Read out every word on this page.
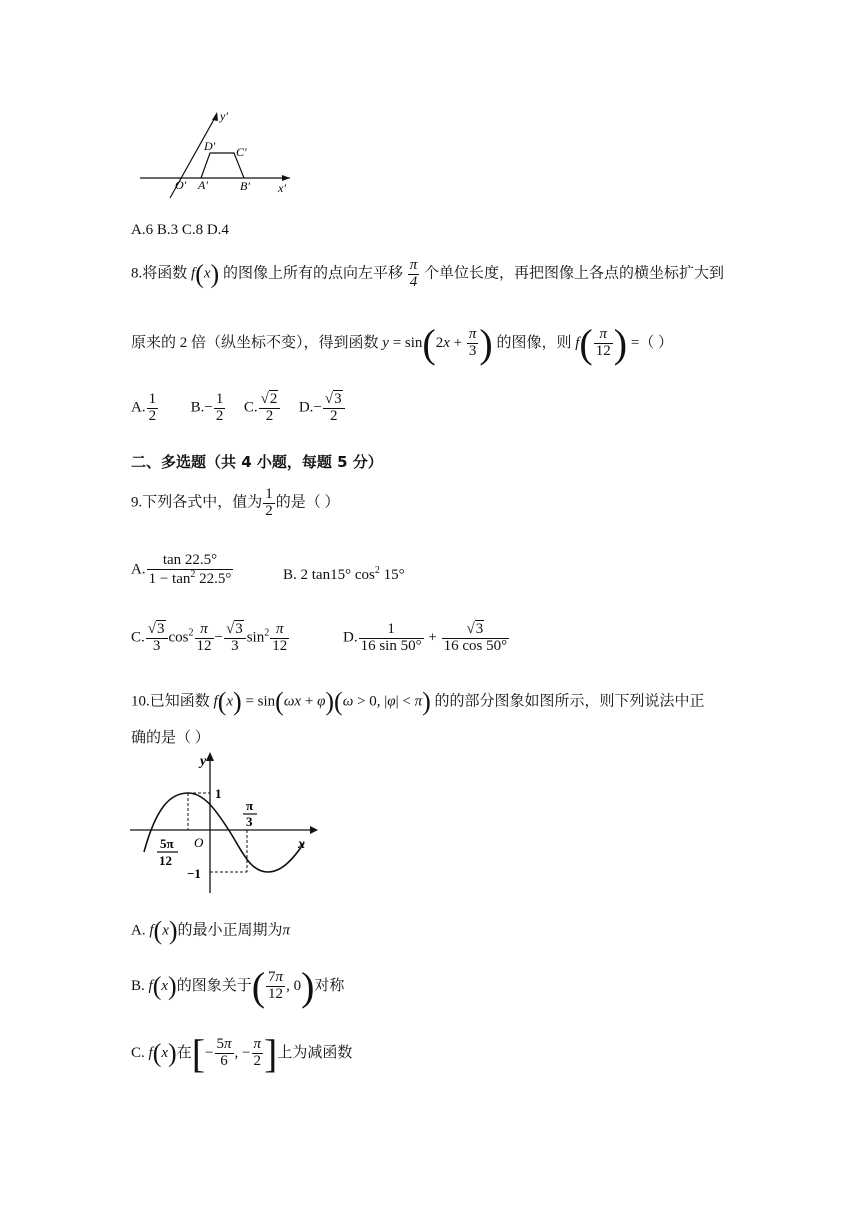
y′
x′
D′ C′
O′ A′	B′
A.6 B.3 C.8 D.4
8.将函数 f(x) 的图像上所有的点向左平移 $\frac{\pi}{4}$ 个单位长度，再把图像上各点的横坐标扩大到
原来的 2 倍（纵坐标不变），得到函数 $y = \sin(2x + \frac{\pi}{3}$ ) 的图像，则 $f( \frac{\pi}{12}$ ) =（ ）
A. $\frac{1}{2} B.- \frac{1}{2} C$. $\frac{√2}{2} D.- \frac{√3}{2}$
二、多选题（共 4 小题，每题 5 分）
9.下列各式中，值为 $\frac{1}{2}$ 的是（ ）
A. $\frac{\tan 22.5^\circ}{1 - \tan^2 22.5^\circ}$	B. 2 tan15° $\cos^2 15^\circ$
C. $\frac{√3}{3} \cos^2 \frac{\pi}{12} - \frac{√3}{3} \sin^2 \frac{\pi}{12}$	D. $\frac{1}{16 \sin 50^\circ} + \frac{√3}{16 \cos 50^\circ}$
10.已知函数 f(x) = sin(ωx + φ)(ω > 0, |φ| < π) 的的部分图象如图所示，则下列说法中正
确的是（ ）
y
x
O
1
−1
π
3
5π
12
A. f(x)的最小正周期为π
B. f(x)的图象关于( $\frac{7\pi}{12}$ , 0)对称
C. f(x)在[− $\frac{5\pi}{6}$ , − $\frac{\pi}{2}$ ]上为减函数
